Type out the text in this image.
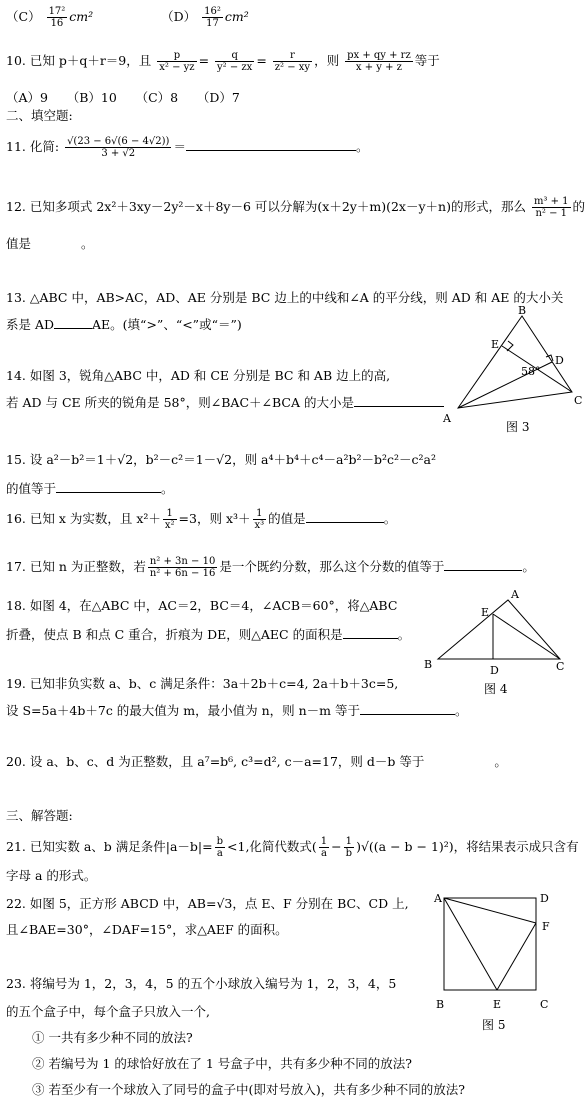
$(C) \frac{\text{17²}}{16} cm^2$	$(D) \frac{\text{16²}}{17} cm^2$
10. 已知 p＋q＋r＝9，且 $\frac{p}{\text{x² − yz}} = \frac{q}{\text{y² − zx}} = \frac{r}{\text{z² − xy}}$ ，则 $\frac{px + qy + rz}{x + y + z}$ 等于
（A）9　　（B）10　　（C）8　　（D）7
二、填空题:
11. 化简: $\frac{√(23 - 6√(6 - 4√2))}{3 + √2}$ ＝	。
12. 已知多项式 2x²＋3xy－2y²－x＋8y－6 可以分解为(x＋2y＋m)(2x－y＋n)的形式，那么 $\frac{\text{m³ + 1}}{\text{n² − 1}}$ 的
值是　　　　。
13. △ABC 中，AB>AC，AD、AE 分别是 BC 边上的中线和∠A 的平分线，则 AD 和 AE 的大小关
系是 AD	AE。(填“>”、“<”或“＝”)
14. 如图 3，锐角△ABC 中，AD 和 CE 分别是 BC 和 AB 边上的高,
若 AD 与 CE 所夹的锐角是 58°，则∠BAC＋∠BCA 的大小是
B
E
D
A
C
58°
图 3
15. 设 a²－b²＝1＋√2，b²－c²＝1－√2，则 a⁴＋b⁴＋c⁴－a²b²－b²c²－c²a²
的值等于	。
16. 已知 x 为实数，且 $x^2+ \frac{1}{\text{x²}} =3$，则 $x^3+ \frac{1}{\text{x³}}$ 的值是	。
17. 已知 n 为正整数，若 $\frac{\text{n² + 3n − 10}}{\text{n² + 6n − 16}}$ 是一个既约分数，那么这个分数的值等于	。
18. 如图 4，在△ABC 中，AC＝2，BC＝4，∠ACB＝60°，将△ABC
折叠，使点 B 和点 C 重合，折痕为 DE，则△AEC 的面积是	。
A
E
B	D	C
图 4
19. 已知非负实数 a、b、c 满足条件：3a＋2b＋c=4, 2a＋b＋3c=5,
设 S=5a＋4b＋7c 的最大值为 m，最小值为 n，则 n－m 等于	。
20. 设 a、b、c、d 为正整数，且 a⁷=b⁶, c³=d², c－a=17，则 d－b 等于	。
三、解答题:
21. 已知实数 a、b 满足条件$|a-b|= \frac{b}{a} <1$,化简代数式( $\frac{1}{a} - \frac{1}{b} )√((a - b - 1)^2)$，将结果表示成只含有
字母 a 的形式。
22. 如图 5，正方形 ABCD 中，AB=√3，点 E、F 分别在 BC、CD 上,
且∠BAE=30°，∠DAF=15°，求△AEF 的面积。
A	D
F
B	E	C
图 5
23. 将编号为 1，2，3，4，5 的五个小球放入编号为 1，2，3，4，5
的五个盒子中，每个盒子只放入一个,
① 一共有多少种不同的放法?
② 若编号为 1 的球恰好放在了 1 号盒子中，共有多少种不同的放法?
③ 若至少有一个球放入了同号的盒子中(即对号放入)，共有多少种不同的放法?
